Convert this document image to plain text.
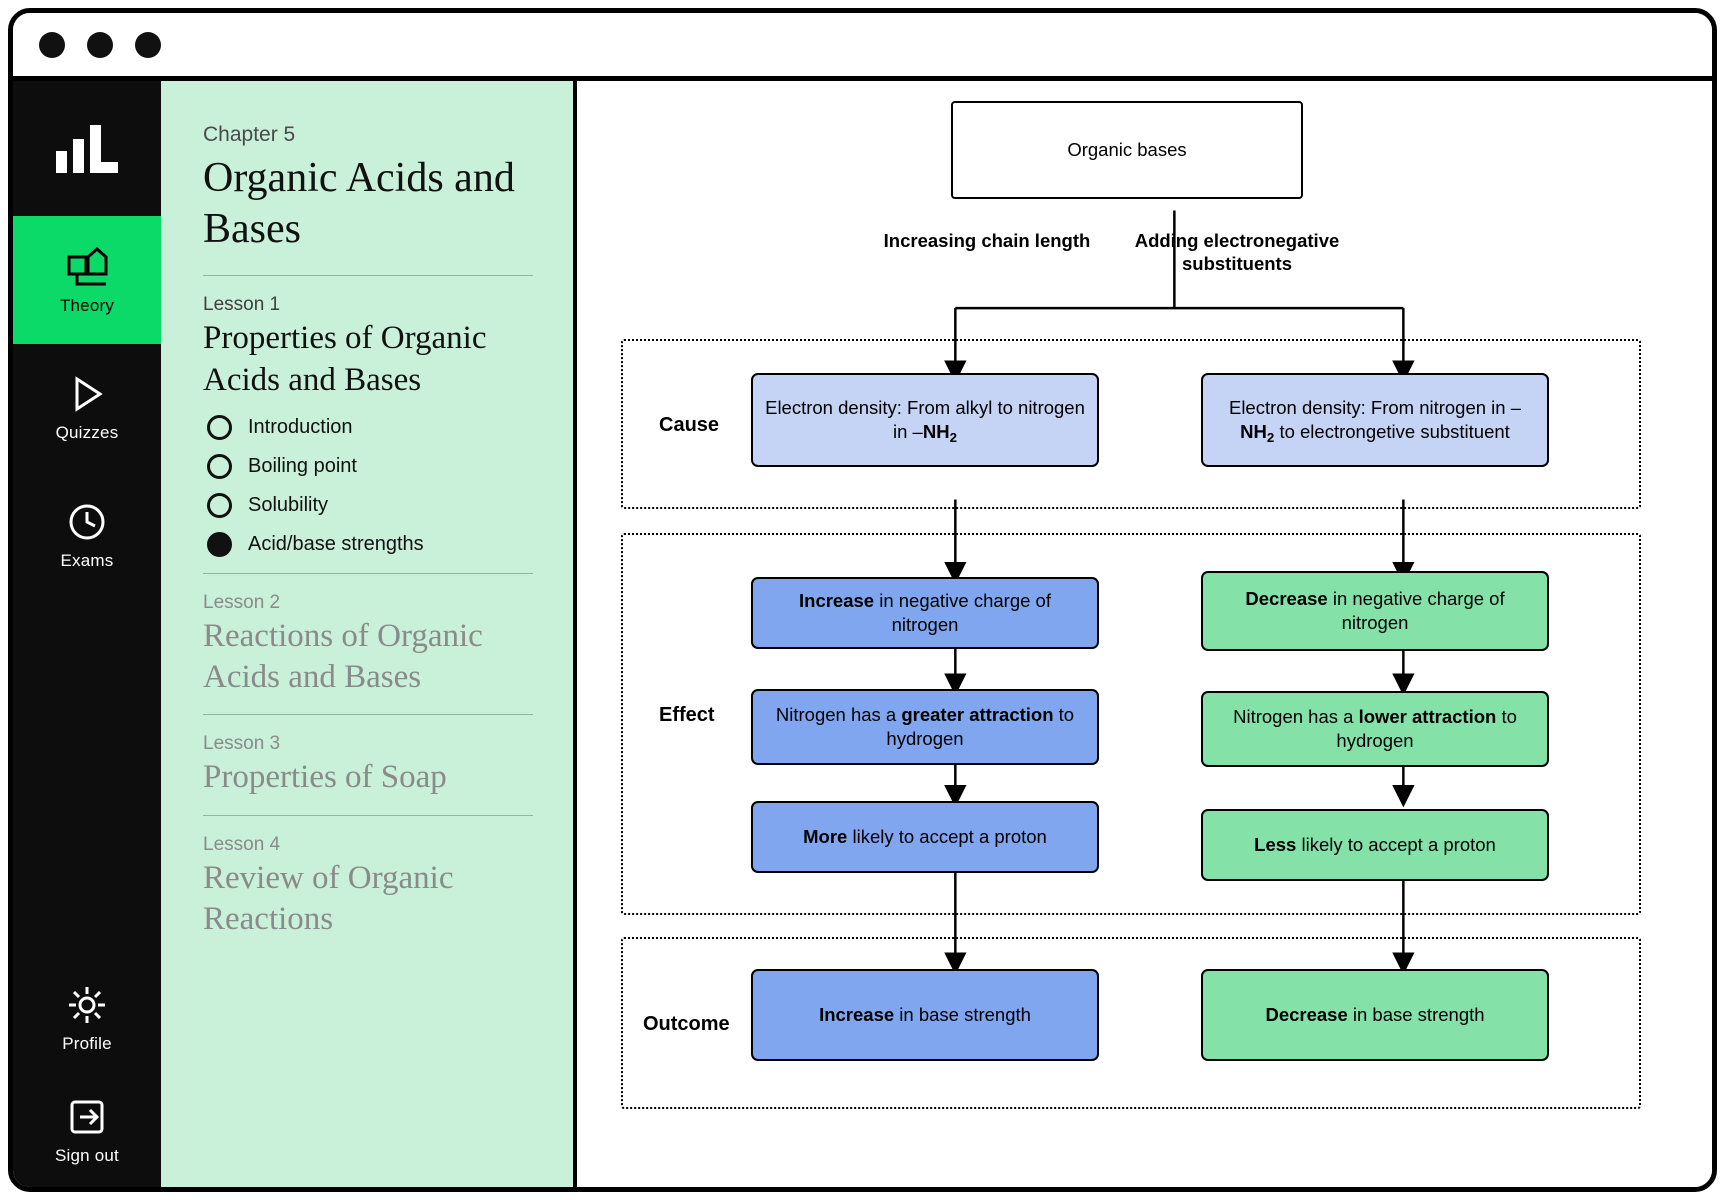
Theory
Quizzes
Exams
Profile
Sign out
Chapter 5
Organic Acids and Bases
Lesson 1
Properties of Organic Acids and Bases
Introduction
Boiling point
Solubility
Acid/base strengths
Lesson 2
Reactions of Organic Acids and Bases
Lesson 3
Properties of Soap
Lesson 4
Review of Organic Reactions
Organic bases
Increasing chain length	Adding electronegative substituents
Cause
Electron density: From alkyl to nitrogen in $-NH_2$
Electron density: From nitrogen in $-NH_2$ to electrongetive substituent
Effect
Increase in negative charge of nitrogen
Decrease in negative charge of nitrogen
Nitrogen has a greater attraction to hydrogen
Nitrogen has a lower attraction to hydrogen
More likely to accept a proton	Less likely to accept a proton
Outcome	Increase in base strength	Decrease in base strength
